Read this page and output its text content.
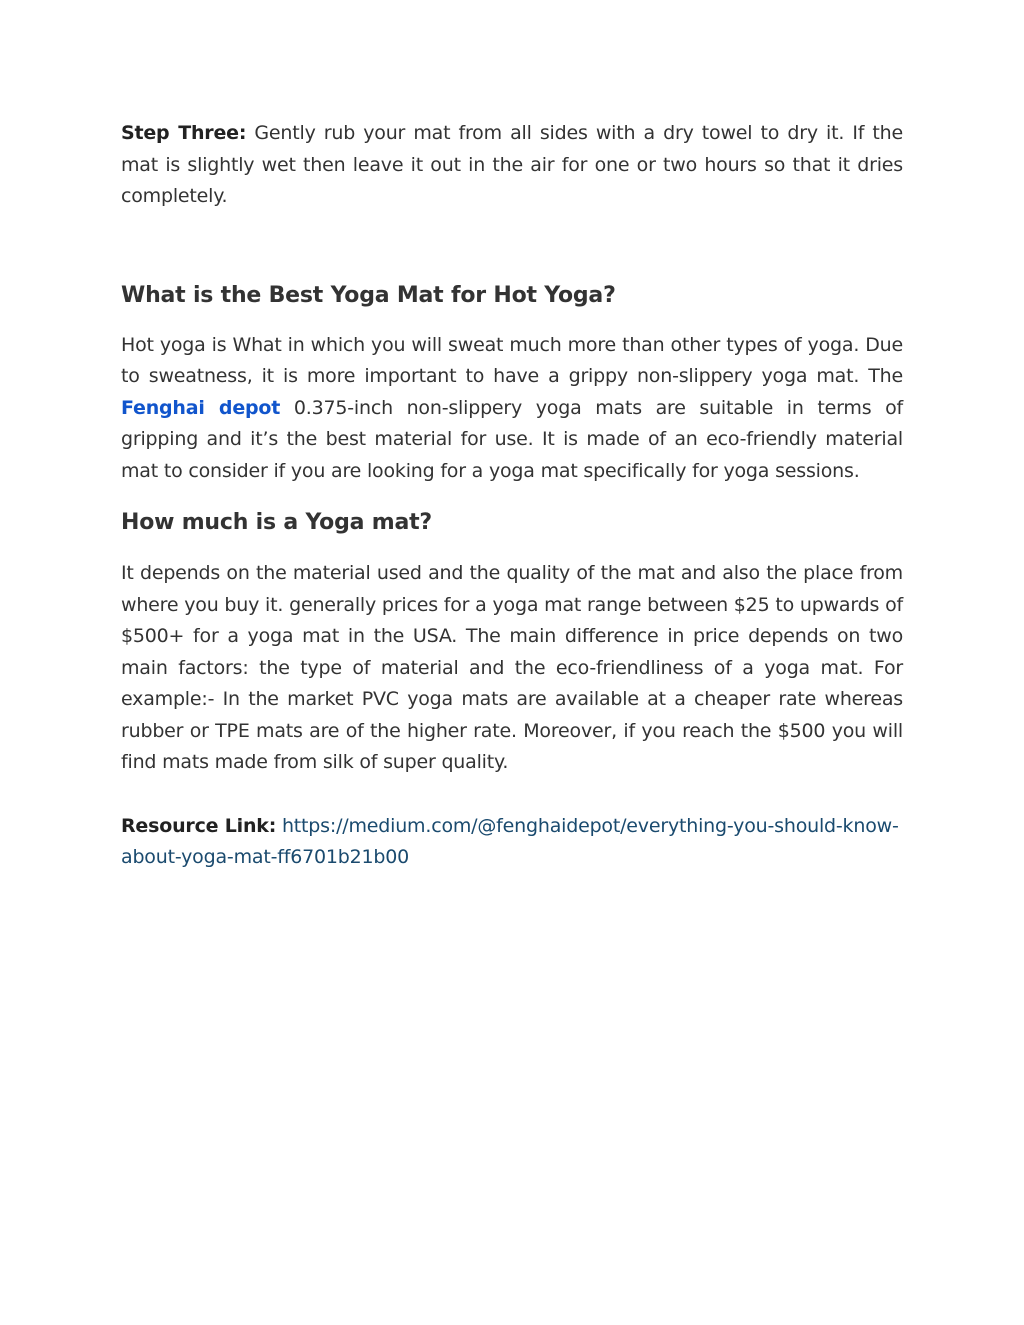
Step Three: Gently rub your mat from all sides with a dry towel to dry it. If the mat is slightly wet then leave it out in the air for one or two hours so that it dries completely.

What is the Best Yoga Mat for Hot Yoga?

Hot yoga is What in which you will sweat much more than other types of yoga. Due to sweatness, it is more important to have a grippy non-slippery yoga mat. The Fenghai depot 0.375-inch non-slippery yoga mats are suitable in terms of gripping and it’s the best material for use. It is made of an eco-friendly material mat to consider if you are looking for a yoga mat specifically for yoga sessions.

How much is a Yoga mat?

It depends on the material used and the quality of the mat and also the place from where you buy it. generally prices for a yoga mat range between $25 to upwards of $500+ for a yoga mat in the USA. The main difference in price depends on two main factors: the type of material and the eco-friendliness of a yoga mat. For example:- In the market PVC yoga mats are available at a cheaper rate whereas rubber or TPE mats are of the higher rate. Moreover, if you reach the $500 you will find mats made from silk of super quality.

Resource Link: https://medium.com/@fenghaidepot/everything-you-should-know-about-yoga-mat-ff6701b21b00
